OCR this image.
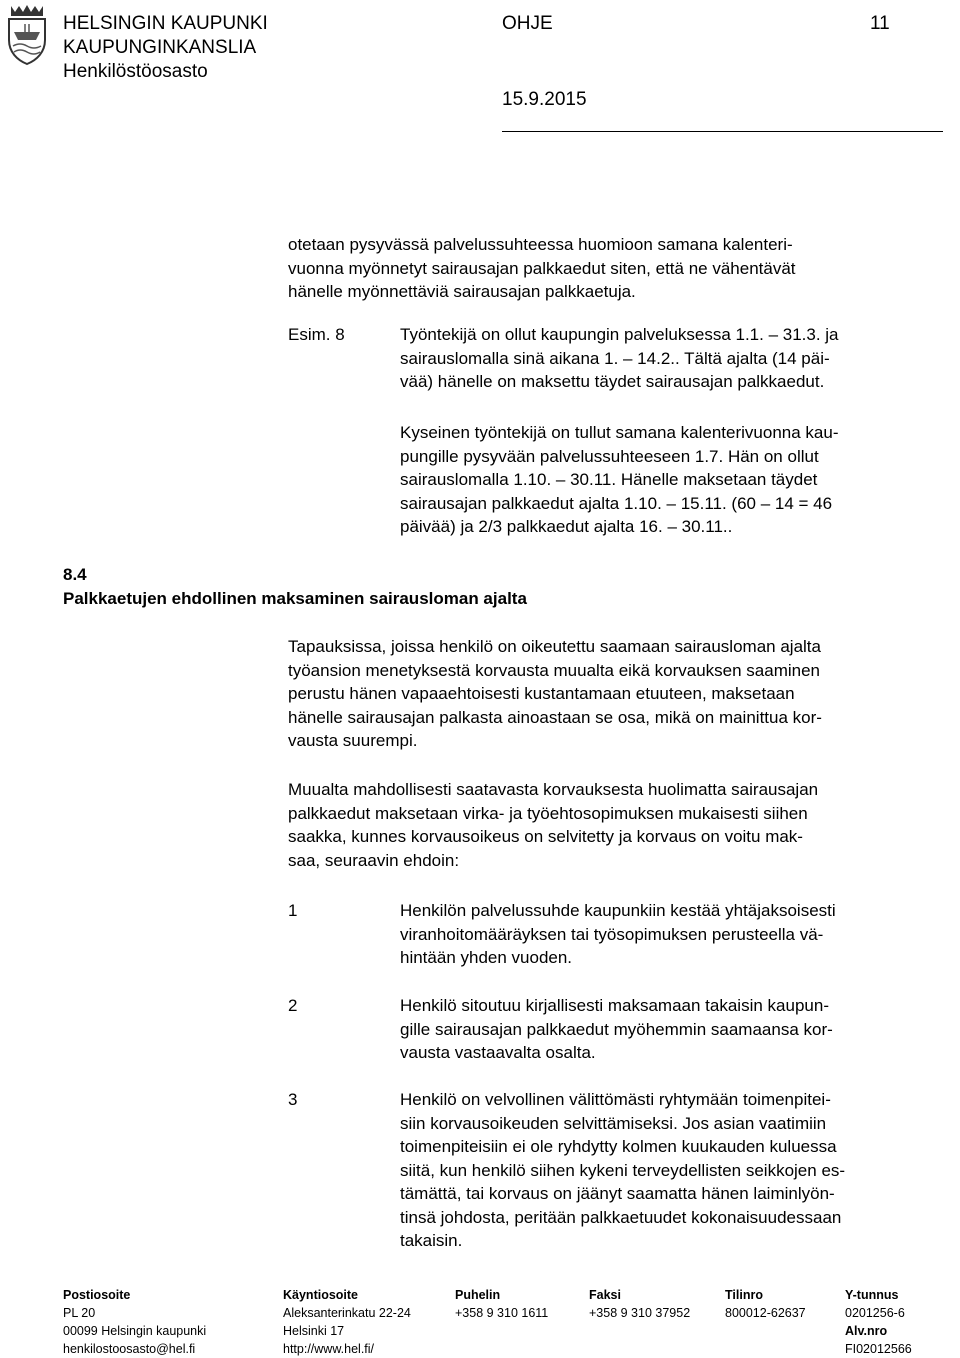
HELSINGIN KAUPUNKI
KAUPUNGINKANSLIA
Henkilöstöosasto
OHJE	11
15.9.2015
otetaan pysyvässä palvelussuhteessa huomioon samana kalenteri-
vuonna myönnetyt sairausajan palkkaedut siten, että ne vähentävät
hänelle myönnettäviä sairausajan palkkaetuja.
Esim. 8	Työntekijä on ollut kaupungin palveluksessa 1.1. – 31.3. ja
sairauslomalla sinä aikana 1. – 14.2.. Tältä ajalta (14 päi-
vää) hänelle on maksettu täydet sairausajan palkkaedut.
Kyseinen työntekijä on tullut samana kalenterivuonna kau-
pungille pysyvään palvelussuhteeseen 1.7. Hän on ollut
sairauslomalla 1.10. – 30.11. Hänelle maksetaan täydet
sairausajan palkkaedut ajalta 1.10. – 15.11. (60 – 14 = 46
päivää) ja 2/3 palkkaedut ajalta 16. – 30.11..
8.4
Palkkaetujen ehdollinen maksaminen sairausloman ajalta
Tapauksissa, joissa henkilö on oikeutettu saamaan sairausloman ajalta
työansion menetyksestä korvausta muualta eikä korvauksen saaminen
perustu hänen vapaaehtoisesti kustantamaan etuuteen, maksetaan
hänelle sairausajan palkasta ainoastaan se osa, mikä on mainittua kor-
vausta suurempi.
Muualta mahdollisesti saatavasta korvauksesta huolimatta sairausajan
palkkaedut maksetaan virka- ja työehtosopimuksen mukaisesti siihen
saakka, kunnes korvausoikeus on selvitetty ja korvaus on voitu mak-
saa, seuraavin ehdoin:
1	Henkilön palvelussuhde kaupunkiin kestää yhtäjaksoisesti
viranhoitomääräyksen tai työsopimuksen perusteella vä-
hintään yhden vuoden.
2	Henkilö sitoutuu kirjallisesti maksamaan takaisin kaupun-
gille sairausajan palkkaedut myöhemmin saamaansa kor-
vausta vastaavalta osalta.
3	Henkilö on velvollinen välittömästi ryhtymään toimenpitei-
siin korvausoikeuden selvittämiseksi. Jos asian vaatimiin
toimenpiteisiin ei ole ryhdytty kolmen kuukauden kuluessa
siitä, kun henkilö siihen kykeni terveydellisten seikkojen es-
tämättä, tai korvaus on jäänyt saamatta hänen laiminlyön-
tinsä johdosta, peritään palkkaetuudet kokonaisuudessaan
takaisin.
Postiosoite
PL 20
00099 Helsingin kaupunki
henkilostoosasto@hel.fi
Käyntiosoite
Aleksanterinkatu 22-24
Helsinki 17
http://www.hel.fi/
Puhelin
+358 9 310 1611
Faksi
+358 9 310 37952
Tilinro
800012-62637
Y-tunnus
0201256-6
Alv.nro
FI02012566
